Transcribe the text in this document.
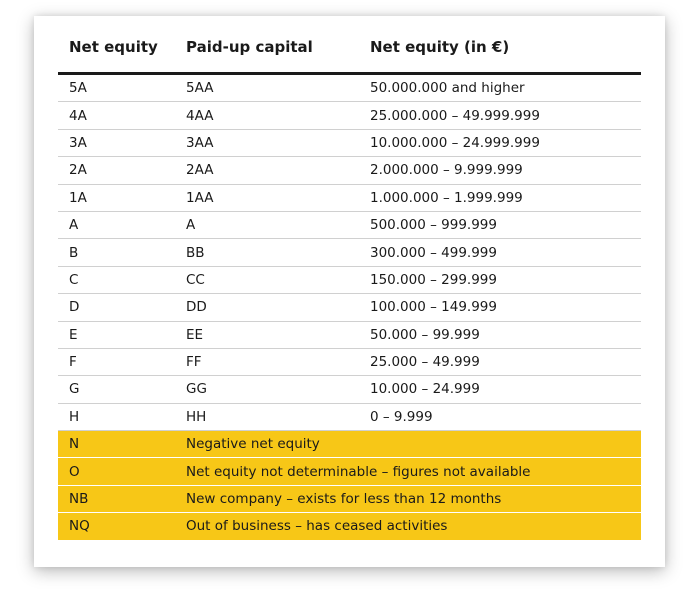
Net equity	Paid-up capital	Net equity (in €)
5A	5AA	50.000.000 and higher
4A	4AA	25.000.000 – 49.999.999
3A	3AA	10.000.000 – 24.999.999
2A	2AA	2.000.000 – 9.999.999
1A	1AA	1.000.000 – 1.999.999
A	A	500.000 – 999.999
B	BB	300.000 – 499.999
C	CC	150.000 – 299.999
D	DD	100.000 – 149.999
E	EE	50.000 – 99.999
F	FF	25.000 – 49.999
G	GG	10.000 – 24.999
H	HH	0 – 9.999
N	Negative net equity	
O	Net equity not determinable – figures not available	
NB	New company – exists for less than 12 months	
NQ	Out of business – has ceased activities	
